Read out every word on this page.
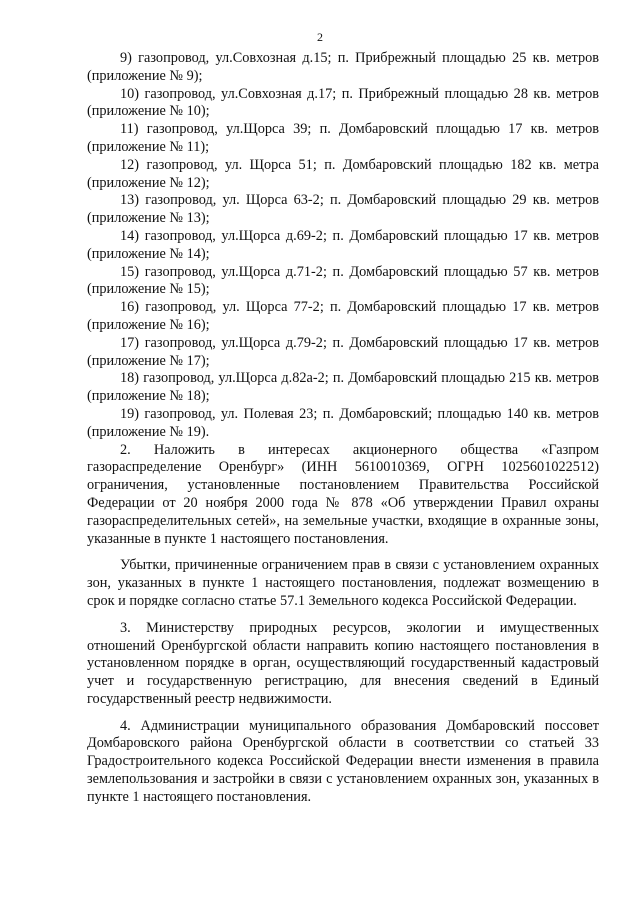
2

9) газопровод, ул.Совхозная д.15; п. Прибрежный площадью 25 кв. метров (приложение № 9);

10) газопровод, ул.Совхозная д.17; п. Прибрежный площадью 28 кв. метров (приложение № 10);

11) газопровод, ул.Щорса 39; п. Домбаровский площадью 17 кв. метров (приложение № 11);

12) газопровод, ул. Щорса 51; п. Домбаровский площадью 182 кв. метра (приложение № 12);

13) газопровод, ул. Щорса 63-2; п. Домбаровский площадью 29 кв. метров (приложение № 13);

14) газопровод, ул.Щорса д.69-2; п. Домбаровский площадью 17 кв. метров (приложение № 14);

15) газопровод, ул.Щорса д.71-2; п. Домбаровский площадью 57 кв. метров (приложение № 15);

16) газопровод, ул. Щорса 77-2; п. Домбаровский площадью 17 кв. метров (приложение № 16);

17) газопровод, ул.Щорса д.79-2; п. Домбаровский площадью 17 кв. метров (приложение № 17);

18) газопровод, ул.Щорса д.82а-2; п. Домбаровский площадью 215 кв. метров (приложение № 18);

19) газопровод, ул. Полевая 23; п. Домбаровский; площадью 140 кв. метров (приложение № 19).

2. Наложить в интересах акционерного общества «Газпром газораспределение Оренбург» (ИНН 5610010369, ОГРН 1025601022512) ограничения, установленные постановлением Правительства Российской Федерации от 20 ноября 2000 года № 878 «Об утверждении Правил охраны газораспределительных сетей», на земельные участки, входящие в охранные зоны, указанные в пункте 1 настоящего постановления.

Убытки, причиненные ограничением прав в связи с установлением охранных зон, указанных в пункте 1 настоящего постановления, подлежат возмещению в срок и порядке согласно статье 57.1 Земельного кодекса Российской Федерации.

3. Министерству природных ресурсов, экологии и имущественных отношений Оренбургской области направить копию настоящего постановления в установленном порядке в орган, осуществляющий государственный кадастровый учет и государственную регистрацию, для внесения сведений в Единый государственный реестр недвижимости.

4. Администрации муниципального образования Домбаровский поссовет Домбаровского района Оренбургской области в соответствии со статьей 33 Градостроительного кодекса Российской Федерации внести изменения в правила землепользования и застройки в связи с установлением охранных зон, указанных в пункте 1 настоящего постановления.
